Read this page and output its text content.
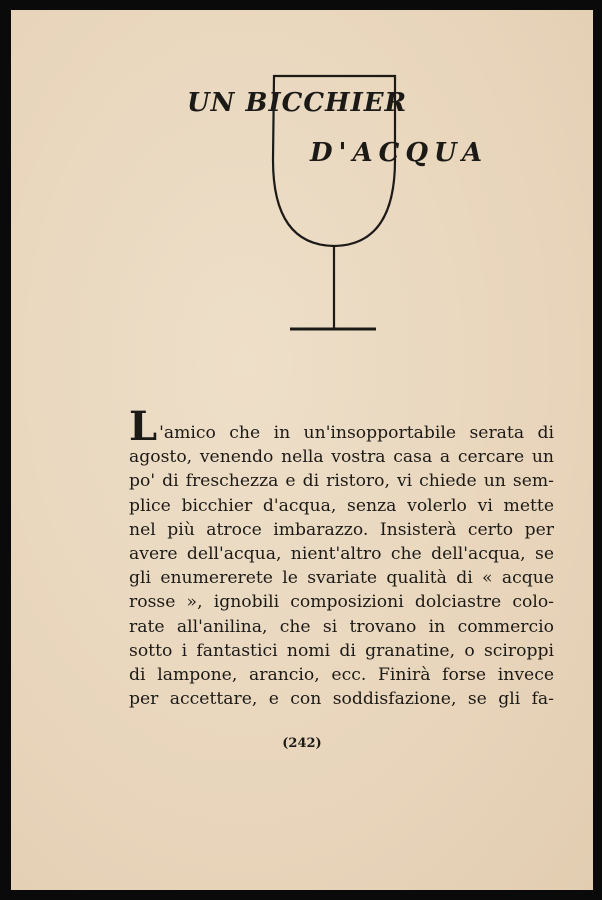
UN BICCHIER
D'ACQUA
L 'amico che in un'insopportabile serata di
agosto, venendo nella vostra casa a cercare un
po' di freschezza e di ristoro, vi chiede un sem-
plice bicchier d'acqua, senza volerlo vi mette
nel più atroce imbarazzo. Insisterà certo per
avere dell'acqua, nient'altro che dell'acqua, se
gli enumererete le svariate qualità di « acque
rosse », ignobili composizioni dolciastre colo-
rate all'anilina, che si trovano in commercio
sotto i fantastici nomi di granatine, o sciroppi
di lampone, arancio, ecc. Finirà forse invece
per accettare, e con soddisfazione, se gli fa-
(242)
